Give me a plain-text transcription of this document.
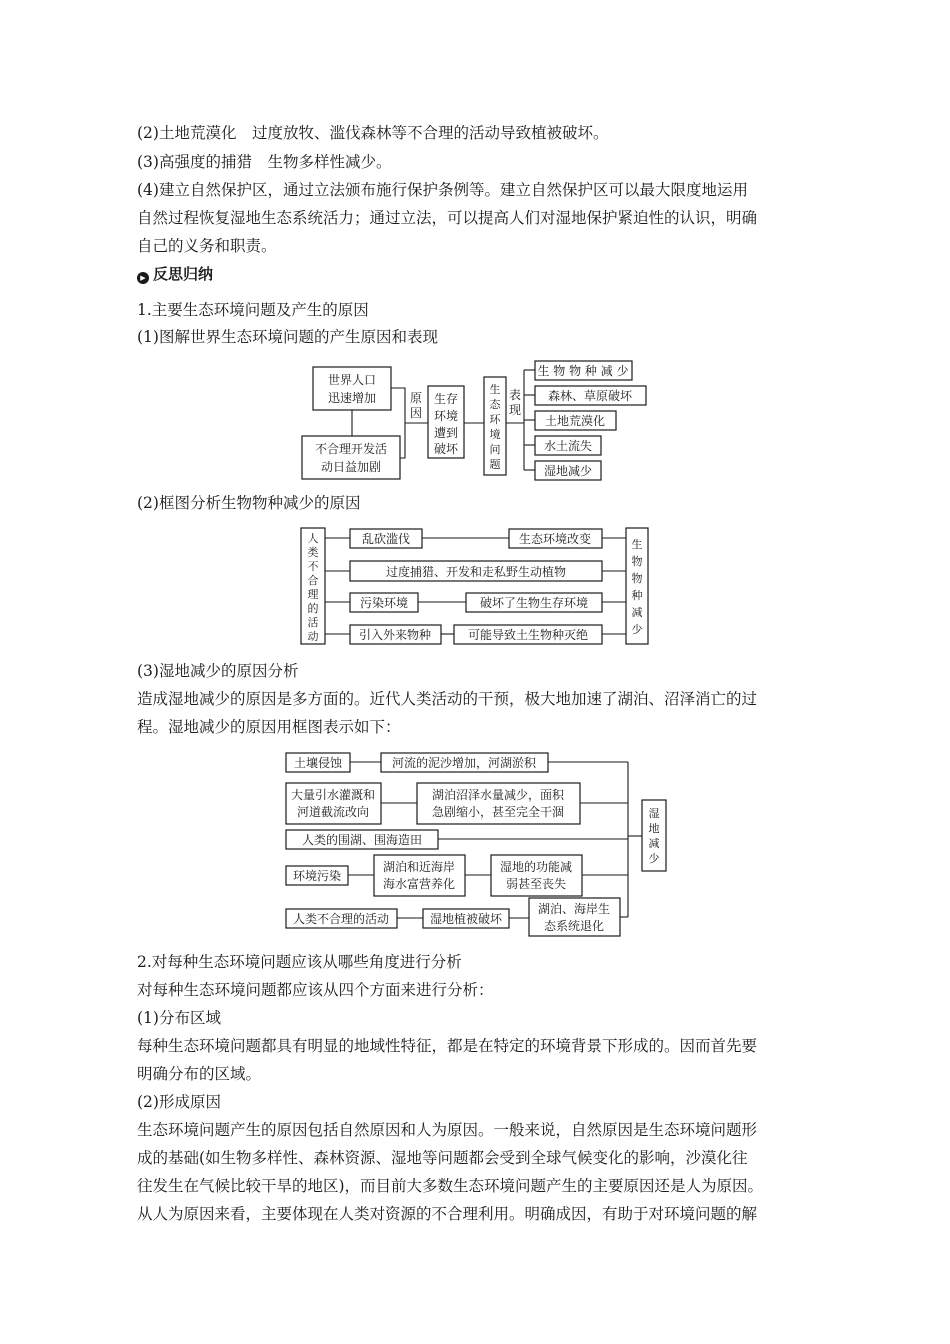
(2)土地荒漠化　过度放牧、滥伐森林等不合理的活动导致植被破坏。
(3)高强度的捕猎　生物多样性减少。
(4)建立自然保护区，通过立法颁布施行保护条例等。建立自然保护区可以最大限度地运用
自然过程恢复湿地生态系统活力；通过立法，可以提高人们对湿地保护紧迫性的认识，明确
自己的义务和职责。
▶ 反思归纳
1.主要生态环境问题及产生的原因
(1)图解世界生态环境问题的产生原因和表现
世界人口
迅速增加
不合理开发活
动日益加剧
原
因
生存
环境
遭到
破坏
生
态
环
境
问
题
表
现
生 物 物 种 减 少
森林、草原破坏
土地荒漠化
水土流失
湿地减少
(2)框图分析生物物种减少的原因
人
类
不
合
理
的
活
动
生
物
物
种
减
少
乱砍滥伐	生态环境改变
过度捕猎、开发和走私野生动植物
污染环境	破坏了生物生存环境
引入外来物种	可能导致土生物种灭绝
(3)湿地减少的原因分析
造成湿地减少的原因是多方面的。近代人类活动的干预，极大地加速了湖泊、沼泽消亡的过
程。湿地减少的原因用框图表示如下：
湿
地
减
少
土壤侵蚀	河流的泥沙增加，河湖淤积
大量引水灌溉和
河道截流改向
湖泊沼泽水量减少，面积
急剧缩小，甚至完全干涸
人类的围湖、围海造田
环境污染
湖泊和近海岸
海水富营养化
湿地的功能减
弱甚至丧失
人类不合理的活动	湿地植被破坏
湖泊、海岸生
态系统退化
2.对每种生态环境问题应该从哪些角度进行分析
对每种生态环境问题都应该从四个方面来进行分析：
(1)分布区域
每种生态环境问题都具有明显的地域性特征，都是在特定的环境背景下形成的。因而首先要
明确分布的区域。
(2)形成原因
生态环境问题产生的原因包括自然原因和人为原因。一般来说，自然原因是生态环境问题形
成的基础(如生物多样性、森林资源、湿地等问题都会受到全球气候变化的影响，沙漠化往
往发生在气候比较干旱的地区)，而目前大多数生态环境问题产生的主要原因还是人为原因。
从人为原因来看，主要体现在人类对资源的不合理利用。明确成因，有助于对环境问题的解
